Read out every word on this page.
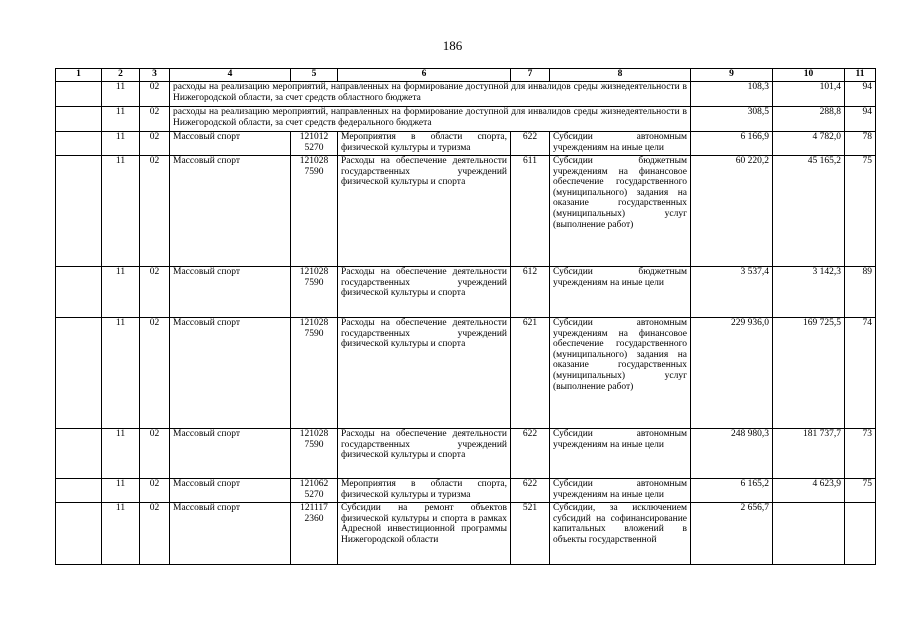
186
1	2	3	4	5	6	7	8	9	10	11
	11	02	расходы на реализацию мероприятий, направленных на формирование доступной для инвалидов среды жизнедеятельности в Нижегородской области, за счет средств областного бюджета					108,3	101,4	94
	11	02	расходы на реализацию мероприятий, направленных на формирование доступной для инвалидов среды жизнедеятельности в Нижегородской области, за счет средств федерального бюджета					308,5	288,8	94
	11	02	Массовый спорт	121012 5270	Мероприятия в области спорта, физической культуры и туризма	622	Субсидии автономным учреждениям на иные цели	6 166,9	4 782,0	78
	11	02	Массовый спорт	121028 7590	Расходы на обеспечение деятельности государственных учреждений физической культуры и спорта	611	Субсидии бюджетным учреждениям на финансовое обеспечение государственного (муниципального) задания на оказание государственных (муниципальных) услуг (выполнение работ)	60 220,2	45 165,2	75
	11	02	Массовый спорт	121028 7590	Расходы на обеспечение деятельности государственных учреждений физической культуры и спорта	612	Субсидии бюджетным учреждениям на иные цели	3 537,4	3 142,3	89
	11	02	Массовый спорт	121028 7590	Расходы на обеспечение деятельности государственных учреждений физической культуры и спорта	621	Субсидии автономным учреждениям на финансовое обеспечение государственного (муниципального) задания на оказание государственных (муниципальных) услуг (выполнение работ)	229 936,0	169 725,5	74
	11	02	Массовый спорт	121028 7590	Расходы на обеспечение деятельности государственных учреждений физической культуры и спорта	622	Субсидии автономным учреждениям на иные цели	248 980,3	181 737,7	73
	11	02	Массовый спорт	121062 5270	Мероприятия в области спорта, физической культуры и туризма	622	Субсидии автономным учреждениям на иные цели	6 165,2	4 623,9	75
	11	02	Массовый спорт	121117 2360	Субсидии на ремонт объектов физической культуры и спорта в рамках Адресной инвестиционной программы Нижегородской области	521	Субсидии, за исключением субсидий на софинансирование капитальных вложений в объекты государственной	2 656,7		
